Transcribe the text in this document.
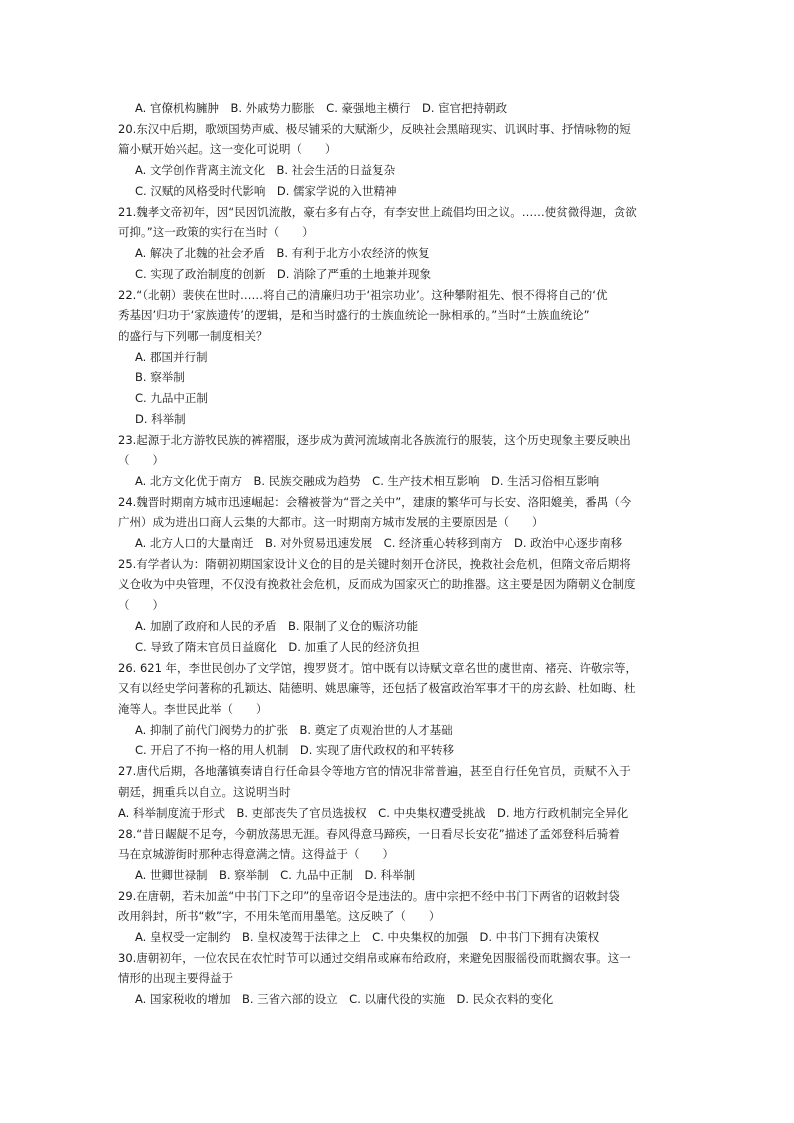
A. 官僚机构臃肿　B. 外戚势力膨胀　C. 豪强地主横行　D. 宦官把持朝政
20.东汉中后期，歌颂国势声威、极尽铺采的大赋渐少，反映社会黑暗现实、讥讽时事、抒情咏物的短
篇小赋开始兴起。这一变化可说明（　　）
A. 文学创作背离主流文化　B. 社会生活的日益复杂
C. 汉赋的风格受时代影响　D. 儒家学说的入世精神
21.魏孝文帝初年，因“民因饥流散，豪右多有占夺，有李安世上疏倡均田之议。……使贫微得迦，贪欲
可抑。”这一政策的实行在当时（　　）
A. 解决了北魏的社会矛盾　B. 有利于北方小农经济的恢复
C. 实现了政治制度的创新　D. 消除了严重的土地兼并现象
22.“（北朝）裴侠在世时……将自己的清廉归功于‘祖宗功业’。这种攀附祖先、恨不得将自己的‘优
秀基因’归功于‘家族遗传’的逻辑，是和当时盛行的士族血统论一脉相承的。”当时“士族血统论”
的盛行与下列哪一制度相关？
A. 郡国并行制
B. 察举制
C. 九品中正制
D. 科举制
23.起源于北方游牧民族的裤褶服，逐步成为黄河流域南北各族流行的服装，这个历史现象主要反映出
（　　）
A. 北方文化优于南方　B. 民族交融成为趋势　C. 生产技术相互影响　D. 生活习俗相互影响
24.魏晋时期南方城市迅速崛起：会稽被誉为“晋之关中”，建康的繁华可与长安、洛阳媲美，番禺（今
广州）成为进出口商人云集的大都市。这一时期南方城市发展的主要原因是（　　）
A. 北方人口的大量南迁　B. 对外贸易迅速发展　C. 经济重心转移到南方　D. 政治中心逐步南移
25.有学者认为：隋朝初期国家设计义仓的目的是关键时刻开仓济民，挽救社会危机，但隋文帝后期将
义仓收为中央管理，不仅没有挽救社会危机，反而成为国家灭亡的助推器。这主要是因为隋朝义仓制度
（　　）
A. 加剧了政府和人民的矛盾　B. 限制了义仓的赈济功能
C. 导致了隋末官员日益腐化　D. 加重了人民的经济负担
26. 621 年，李世民创办了文学馆，搜罗贤才。馆中既有以诗赋文章名世的虞世南、褚亮、许敬宗等，
又有以经史学问著称的孔颖达、陆德明、姚思廉等，还包括了极富政治军事才干的房玄龄、杜如晦、杜
淹等人。李世民此举（　　）
A. 抑制了前代门阀势力的扩张　B. 奠定了贞观治世的人才基础
C. 开启了不拘一格的用人机制　D. 实现了唐代政权的和平转移
27.唐代后期，各地藩镇奏请自行任命县令等地方官的情况非常普遍，甚至自行任免官员，贡赋不入于
朝廷，拥重兵以自立。这说明当时
A. 科举制度流于形式　B. 吏部丧失了官员选拔权　C. 中央集权遭受挑战　D. 地方行政机制完全异化
28.“昔日龌龊不足夸，今朝放荡思无涯。春风得意马蹄疾，一日看尽长安花”描述了孟郊登科后骑着
马在京城游街时那种志得意满之情。这得益于（　　）
A. 世卿世禄制　B. 察举制　C. 九品中正制　D. 科举制
29.在唐朝，若未加盖“中书门下之印”的皇帝诏令是违法的。唐中宗把不经中书门下两省的诏敕封袋
改用斜封，所书“敕”字，不用朱笔而用墨笔。这反映了（　　）
A. 皇权受一定制约　B. 皇权凌驾于法律之上　C. 中央集权的加强　D. 中书门下拥有决策权
30.唐朝初年，一位农民在农忙时节可以通过交绢帛或麻布给政府，来避免因服徭役而耽搁农事。这一
情形的出现主要得益于
A. 国家税收的增加　B. 三省六部的设立　C. 以庸代役的实施　D. 民众衣料的变化
